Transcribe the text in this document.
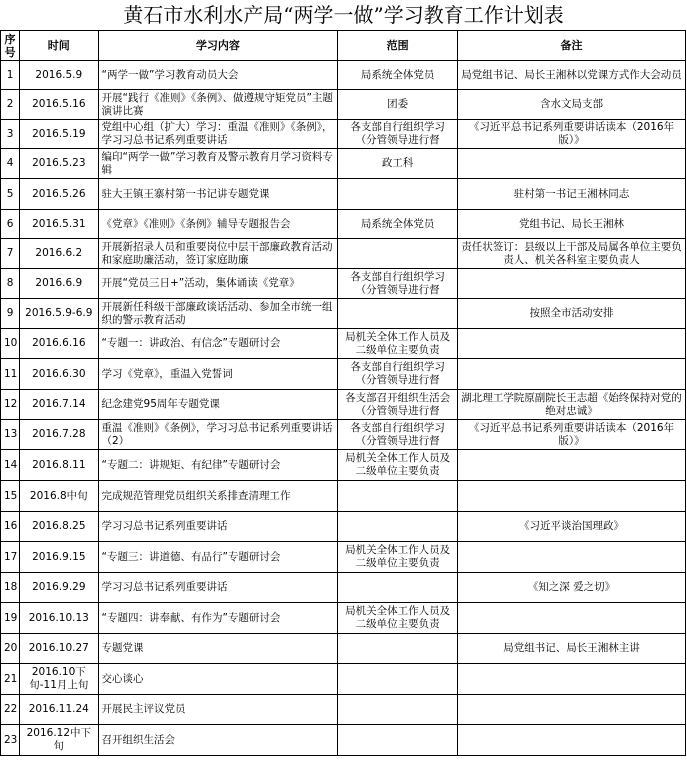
黄石市水利水产局“两学一做”学习教育工作计划表
序号	时间	学习内容	范围	备注
1	2016.5.9	“两学一做”学习教育动员大会	局系统全体党员	局党组书记、局长王湘林以党课方式作大会动员
2	2016.5.16	开展“践行《准则》《条例》、做遵规守矩党员”主题演讲比赛	团委	含水文局支部
3	2016.5.19	党组中心组（扩大）学习：重温《准则》《条例》，学习习总书记系列重要讲话	各支部自行组织学习（分管领导进行督	《习近平总书记系列重要讲话读本（2016年版）》
4	2016.5.23	编印“两学一做”学习教育及警示教育月学习资料专辑	政工科	
5	2016.5.26	驻大王镇王寨村第一书记讲专题党课		驻村第一书记王湘林同志
6	2016.5.31	《党章》《准则》《条例》辅导专题报告会	局系统全体党员	党组书记、局长王湘林
7	2016.6.2	开展新招录人员和重要岗位中层干部廉政教育活动和家庭助廉活动，签订家庭助廉		责任状签订：县级以上干部及局属各单位主要负责人、机关各科室主要负责人
8	2016.6.9	开展“党员三日+”活动，集体诵读《党章》	各支部自行组织学习（分管领导进行督	
9	2016.5.9-6.9	开展新任科级干部廉政谈话活动、参加全市统一组织的警示教育活动		按照全市活动安排
10	2016.6.16	“专题一：讲政治、有信念”专题研讨会	局机关全体工作人员及二级单位主要负责	
11	2016.6.30	学习《党章》，重温入党誓词	各支部自行组织学习（分管领导进行督	
12	2016.7.14	纪念建党95周年专题党课	各支部召开组织生活会（分管领导进行督	湖北理工学院原副院长王志超《始终保持对党的绝对忠诚》
13	2016.7.28	重温《准则》《条例》，学习习总书记系列重要讲话（2）	各支部自行组织学习（分管领导进行督	《习近平总书记系列重要讲话读本（2016年版）》
14	2016.8.11	“专题二：讲规矩、有纪律”专题研讨会	局机关全体工作人员及二级单位主要负责	
15	2016.8中旬	完成规范管理党员组织关系排查清理工作		
16	2016.8.25	学习习总书记系列重要讲话		《习近平谈治国理政》
17	2016.9.15	“专题三：讲道德、有品行”专题研讨会	局机关全体工作人员及二级单位主要负责	
18	2016.9.29	学习习总书记系列重要讲话		《知之深 爱之切》
19	2016.10.13	“专题四：讲奉献、有作为”专题研讨会	局机关全体工作人员及二级单位主要负责	
20	2016.10.27	专题党课		局党组书记、局长王湘林主讲
21	2016.10下旬-11月上旬	交心谈心		
22	2016.11.24	开展民主评议党员		
23	2016.12中下旬	召开组织生活会		
